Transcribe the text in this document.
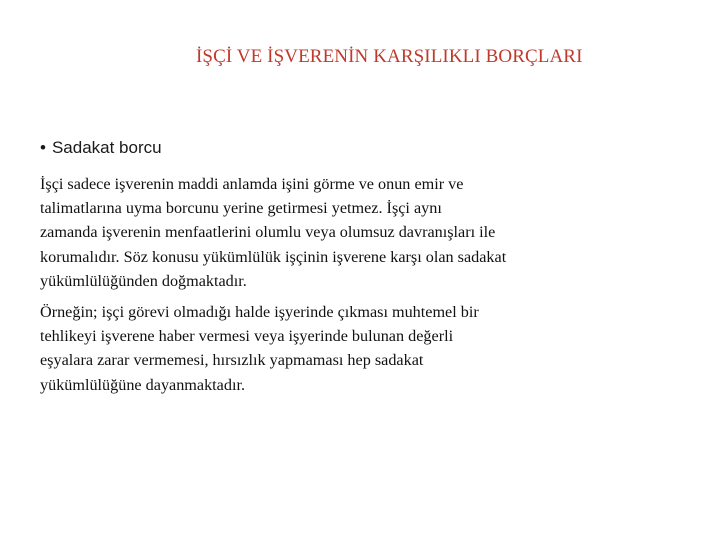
İŞÇİ VE İŞVERENİN KARŞILIKLI BORÇLARI
• Sadakat borcu
İşçi sadece işverenin maddi anlamda işini görme ve onun emir ve
talimatlarına uyma borcunu yerine getirmesi yetmez. İşçi aynı
zamanda işverenin menfaatlerini olumlu veya olumsuz davranışları ile
korumalıdır. Söz konusu yükümlülük işçinin işverene karşı olan sadakat
yükümlülüğünden doğmaktadır.
Örneğin; işçi görevi olmadığı halde işyerinde çıkması muhtemel bir
tehlikeyi işverene haber vermesi veya işyerinde bulunan değerli
eşyalara zarar vermemesi, hırsızlık yapmaması hep sadakat
yükümlülüğüne dayanmaktadır.
